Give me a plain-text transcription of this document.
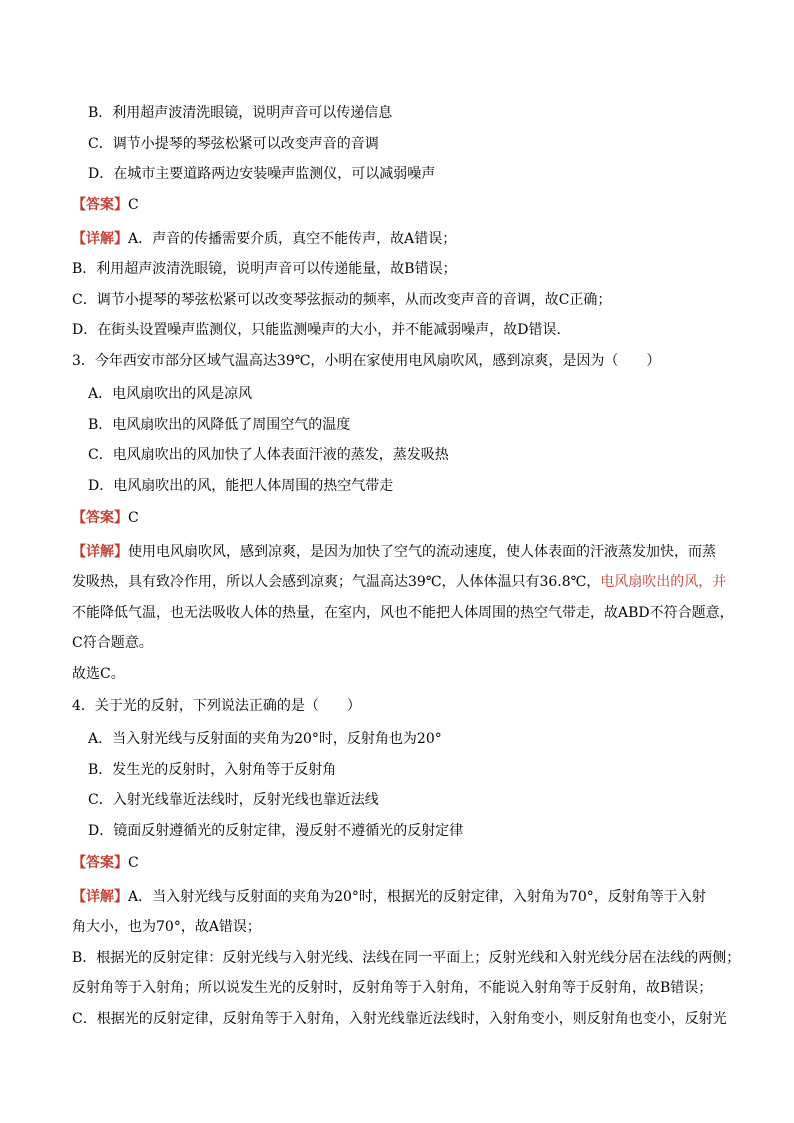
B．利用超声波清洗眼镜，说明声音可以传递信息
C．调节小提琴的琴弦松紧可以改变声音的音调
D．在城市主要道路两边安装噪声监测仪，可以减弱噪声
【答案】C
【详解】A．声音的传播需要介质，真空不能传声，故A错误；
B．利用超声波清洗眼镜，说明声音可以传递能量，故B错误；
C．调节小提琴的琴弦松紧可以改变琴弦振动的频率，从而改变声音的音调，故C正确；
D．在街头设置噪声监测仪，只能监测噪声的大小，并不能减弱噪声，故D错误．
3．今年西安市部分区域气温高达39℃，小明在家使用电风扇吹风，感到凉爽，是因为（　　）
A．电风扇吹出的风是凉风
B．电风扇吹出的风降低了周围空气的温度
C．电风扇吹出的风加快了人体表面汗液的蒸发，蒸发吸热
D．电风扇吹出的风，能把人体周围的热空气带走
【答案】C
【详解】使用电风扇吹风，感到凉爽，是因为加快了空气的流动速度，使人体表面的汗液蒸发加快，而蒸
发吸热，具有致冷作用，所以人会感到凉爽；气温高达39℃，人体体温只有36.8℃，电风扇吹出的风，并
不能降低气温，也无法吸收人体的热量，在室内，风也不能把人体周围的热空气带走，故ABD不符合题意，
C符合题意。
故选C。
4．关于光的反射，下列说法正确的是（　　）
A．当入射光线与反射面的夹角为20°时，反射角也为20°
B．发生光的反射时，入射角等于反射角
C．入射光线靠近法线时，反射光线也靠近法线
D．镜面反射遵循光的反射定律，漫反射不遵循光的反射定律
【答案】C
【详解】A．当入射光线与反射面的夹角为20°时，根据光的反射定律，入射角为70°，反射角等于入射
角大小，也为70°，故A错误；
B．根据光的反射定律：反射光线与入射光线、法线在同一平面上；反射光线和入射光线分居在法线的两侧；
反射角等于入射角；所以说发生光的反射时，反射角等于入射角，不能说入射角等于反射角，故B错误；
C．根据光的反射定律，反射角等于入射角，入射光线靠近法线时，入射角变小，则反射角也变小，反射光
